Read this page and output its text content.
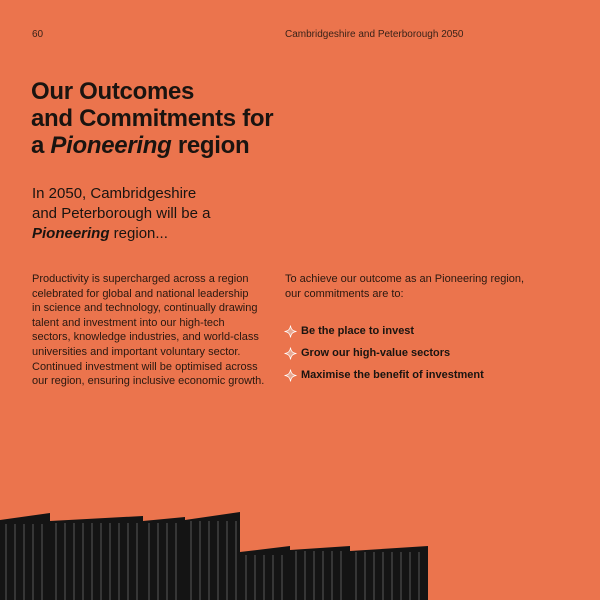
60	Cambridgeshire and Peterborough 2050
Our Outcomes
and Commitments for
a Pioneering region
In 2050, Cambridgeshire
and Peterborough will be a
Pioneering region...
Productivity is supercharged across a region
celebrated for global and national leadership
in science and technology, continually drawing
talent and investment into our high-tech
sectors, knowledge industries, and world-class
universities and important voluntary sector.
Continued investment will be optimised across
our region, ensuring inclusive economic growth.
To achieve our outcome as an Pioneering region,
our commitments are to:
Be the place to invest
Grow our high-value sectors
Maximise the benefit of investment
